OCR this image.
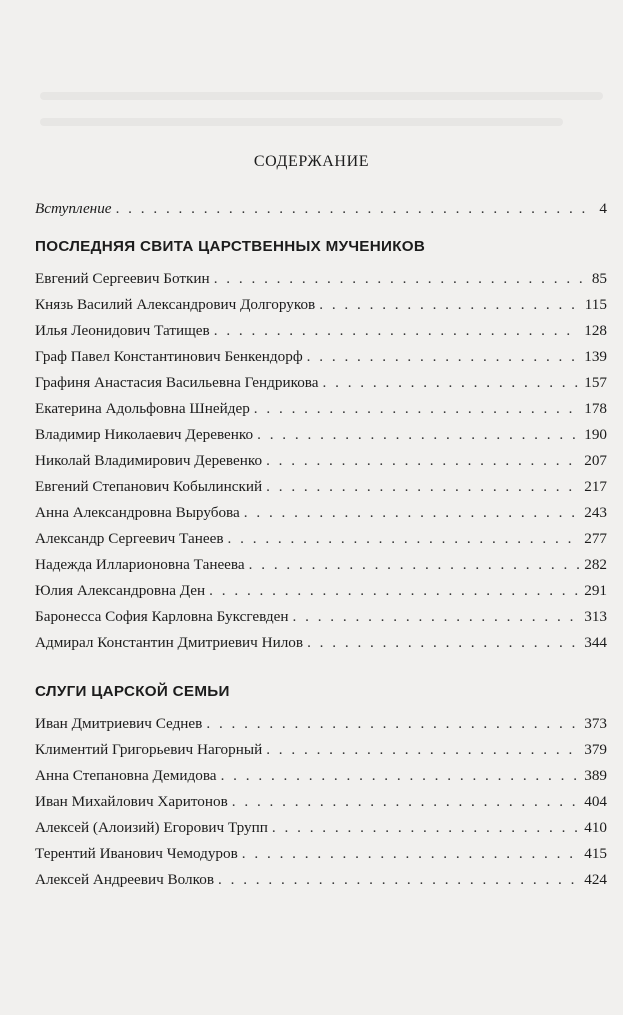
СОДЕРЖАНИЕ
Вступление . . .	4
ПОСЛЕДНЯЯ СВИТА ЦАРСТВЕННЫХ МУЧЕНИКОВ
Евгений Сергеевич Боткин . . .	85
Князь Василий Александрович Долгоруков . . .	115
Илья Леонидович Татищев . . .	128
Граф Павел Константинович Бенкендорф . . .	139
Графиня Анастасия Васильевна Гендрикова . . .	157
Екатерина Адольфовна Шнейдер . . .	178
Владимир Николаевич Деревенко . . .	190
Николай Владимирович Деревенко . . .	207
Евгений Степанович Кобылинский . . .	217
Анна Александровна Вырубова . . .	243
Александр Сергеевич Танеев . . .	277
Надежда Илларионовна Танеева . . .	282
Юлия Александровна Ден . . .	291
Баронесса София Карловна Буксгевден . . .	313
Адмирал Константин Дмитриевич Нилов . . .	344
СЛУГИ ЦАРСКОЙ СЕМЬИ
Иван Дмитриевич Седнев . . .	373
Климентий Григорьевич Нагорный . . .	379
Анна Степановна Демидова . . .	389
Иван Михайлович Харитонов . . .	404
Алексей (Алоизий) Егорович Трупп . . .	410
Терентий Иванович Чемодуров . . .	415
Алексей Андреевич Волков . . .	424
